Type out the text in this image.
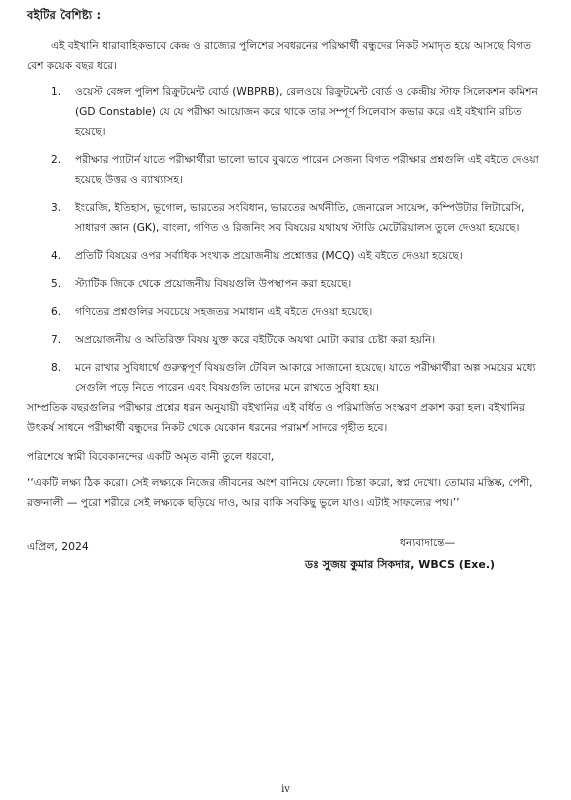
বইটির বৈশিষ্ট্য :
এই বইখানি ধারাবাহিকভাবে কেন্দ্র ও রাজ্যের পুলিশের সবধরনের পরিক্ষার্থী বন্ধুদের নিকট সমাদৃত হয়ে আসছে বিগত বেশ কয়েক বছর ধরে।
1. ওয়েস্ট বেঙ্গল পুলিশ রিক্রুটমেন্ট বোর্ড (WBPRB), রেলওয়ে রিক্রুটমেন্ট বোর্ড ও কেন্দ্রীয় স্টাফ সিলেকশন কমিশন (GD Constable) যে যে পরীক্ষা আয়োজন করে থাকে তার সম্পূর্ণ সিলেবাস কভার করে এই বইখানি রচিত হয়েছে।
2. পরীক্ষার প্যাটার্ন যাতে পরীক্ষার্থীরা ভালো ভাবে বুঝতে পারেন সেজন্য বিগত পরীক্ষার প্রশ্নগুলি এই বইতে দেওয়া হয়েছে উত্তর ও ব্যাখ্যাসহ।
3. ইংরেজি, ইতিহাস, ভূগোল, ভারতের সংবিধান, ভারতের অর্থনীতি, জেনারেল সায়েন্স, কম্পিউটার লিটারেসি, সাধারণ জ্ঞান (GK), বাংলা, গণিত ও রিজনিং সব বিষয়ের যথাযথ স্টাডি মেটেরিয়ালস তুলে দেওয়া হয়েছে।
4. প্রতিটি বিষয়ের ওপর সর্বাধিক সংখ্যক প্রয়োজনীয় প্রশ্নোত্তর (MCQ) এই বইতে দেওয়া হয়েছে।
5. স্ট্যাটিক জিকে থেকে প্রয়োজনীয় বিষয়গুলি উপস্থাপন করা হয়েছে।
6. গণিতের প্রশ্নগুলির সবচেয়ে সহজতর সমাধান এই বইতে দেওয়া হয়েছে।
7. অপ্রয়োজনীয় ও অতিরিক্ত বিষয় যুক্ত করে বইটিকে অযথা মোটা করার চেষ্টা করা হয়নি।
8. মনে রাখার সুবিধার্থে গুরুত্বপূর্ণ বিষয়গুলি টেবিল আকারে সাজানো হয়েছে। যাতে পরীক্ষার্থীরা অল্প সময়ের মধ্যে সেগুলি পড়ে নিতে পারেন এবং বিষয়গুলি তাদের মনে রাখতে সুবিধা হয়।
সাম্প্রতিক বছরগুলির পরীক্ষার প্রশ্নের ধরন অনুযায়ী বইখানির এই বর্ধিত ও পরিমার্জিত সংস্করণ প্রকাশ করা হল। বইখানির উৎকর্ষ সাধনে পরীক্ষার্থী বন্ধুদের নিকট থেকে যেকোন ধরনের পরামর্শ সাদরে গৃহীত হবে।
পরিশেষে স্বামী বিবেকানন্দের একটি অমৃত বানী তুলে ধরবো,
‘‘একটি লক্ষ্য ঠিক করো। সেই লক্ষ্যকে নিজের জীবনের অংশ বানিয়ে ফেলো। চিন্তা করো, স্বপ্ন দেখো। তোমার মস্তিষ্ক, পেশী, রক্তনালী — পুরো শরীরে সেই লক্ষ্যকে ছড়িয়ে দাও, আর বাকি সবকিছু ভুলে যাও। এটাই সাফল্যের পথ।’’
এপ্রিল, 2024	ধন্যবাদান্তে—
ডঃ সুজয় কুমার সিকদার, WBCS (Exe.)
iv
